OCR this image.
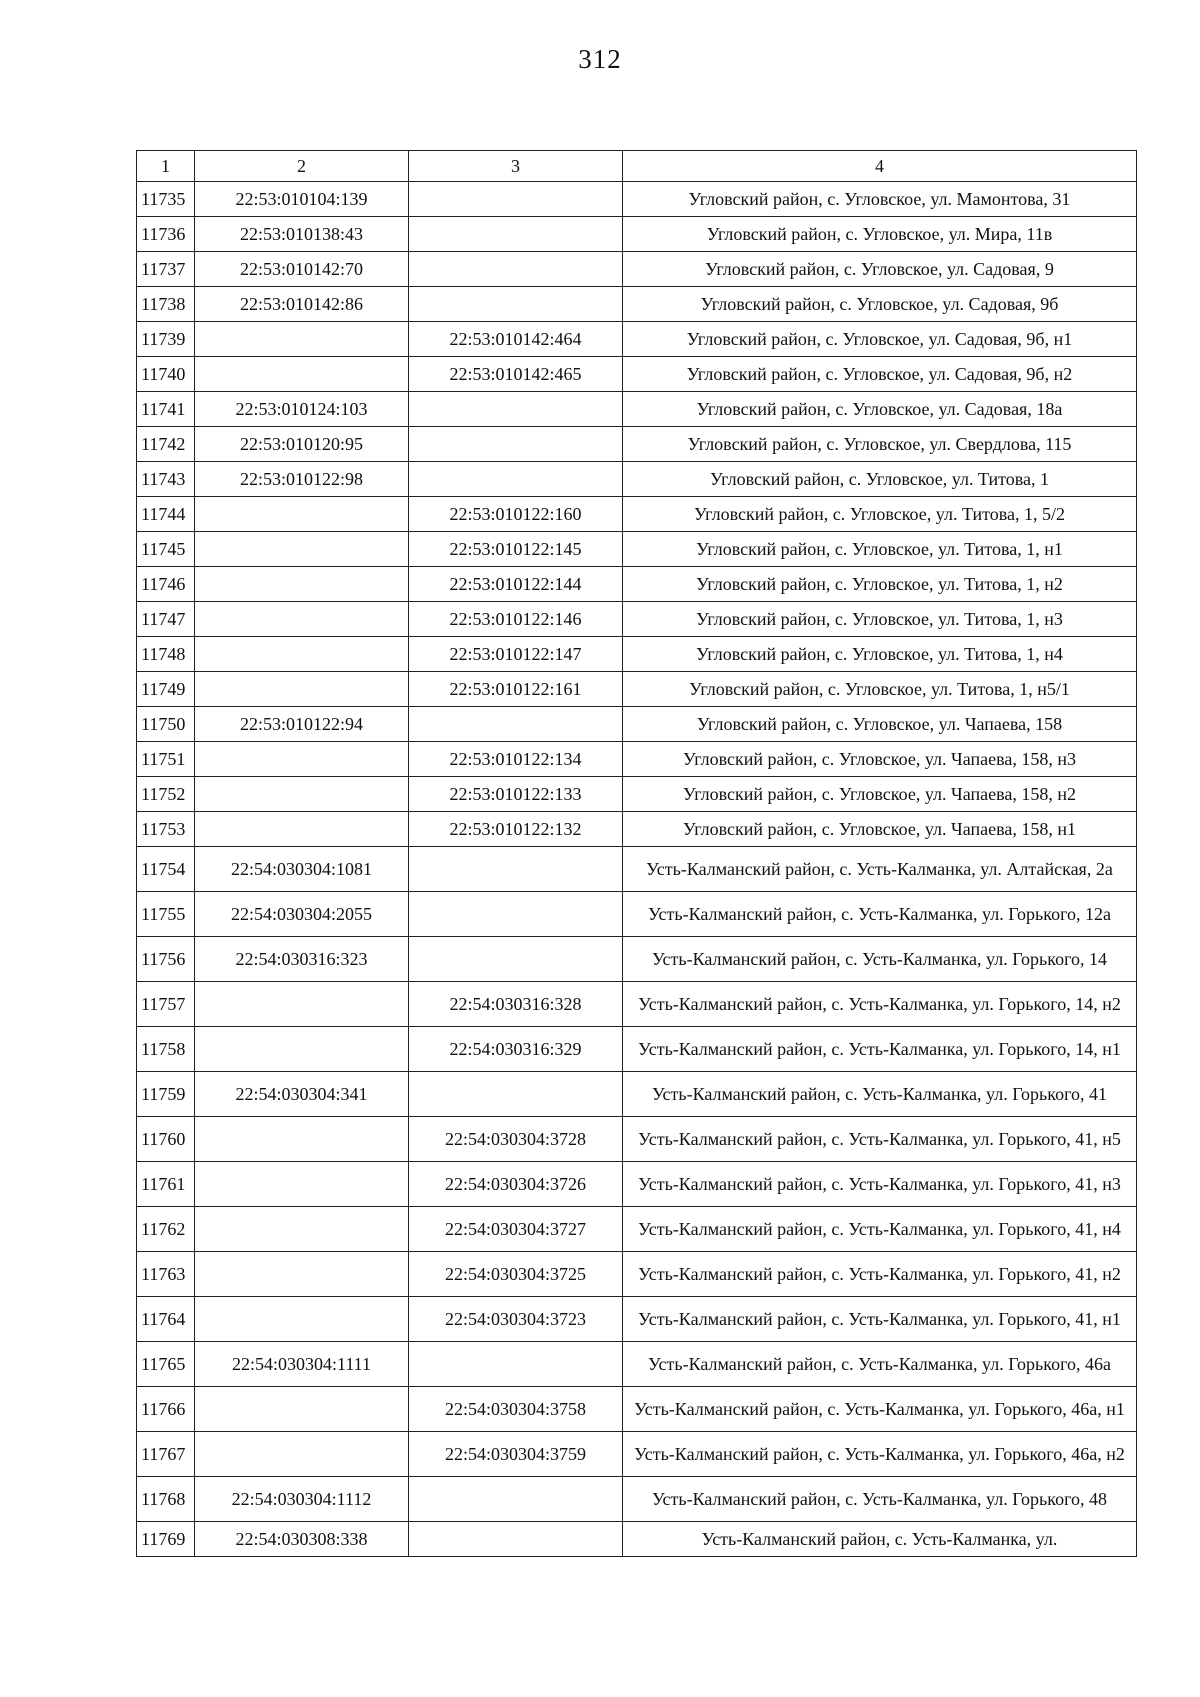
312
1	2	3	4
11735	22:53:010104:139		Угловский район, с. Угловское, ул. Мамонтова, 31
11736	22:53:010138:43		Угловский район, с. Угловское, ул. Мира, 11в
11737	22:53:010142:70		Угловский район, с. Угловское, ул. Садовая, 9
11738	22:53:010142:86		Угловский район, с. Угловское, ул. Садовая, 9б
11739		22:53:010142:464	Угловский район, с. Угловское, ул. Садовая, 9б, н1
11740		22:53:010142:465	Угловский район, с. Угловское, ул. Садовая, 9б, н2
11741	22:53:010124:103		Угловский район, с. Угловское, ул. Садовая, 18а
11742	22:53:010120:95		Угловский район, с. Угловское, ул. Свердлова, 115
11743	22:53:010122:98		Угловский район, с. Угловское, ул. Титова, 1
11744		22:53:010122:160	Угловский район, с. Угловское, ул. Титова, 1, 5/2
11745		22:53:010122:145	Угловский район, с. Угловское, ул. Титова, 1, н1
11746		22:53:010122:144	Угловский район, с. Угловское, ул. Титова, 1, н2
11747		22:53:010122:146	Угловский район, с. Угловское, ул. Титова, 1, н3
11748		22:53:010122:147	Угловский район, с. Угловское, ул. Титова, 1, н4
11749		22:53:010122:161	Угловский район, с. Угловское, ул. Титова, 1, н5/1
11750	22:53:010122:94		Угловский район, с. Угловское, ул. Чапаева, 158
11751		22:53:010122:134	Угловский район, с. Угловское, ул. Чапаева, 158, н3
11752		22:53:010122:133	Угловский район, с. Угловское, ул. Чапаева, 158, н2
11753		22:53:010122:132	Угловский район, с. Угловское, ул. Чапаева, 158, н1
11754	22:54:030304:1081		Усть-Калманский район, с. Усть-Калманка, ул. Алтайская, 2а
11755	22:54:030304:2055		Усть-Калманский район, с. Усть-Калманка, ул. Горького, 12а
11756	22:54:030316:323		Усть-Калманский район, с. Усть-Калманка, ул. Горького, 14
11757		22:54:030316:328	Усть-Калманский район, с. Усть-Калманка, ул. Горького, 14, н2
11758		22:54:030316:329	Усть-Калманский район, с. Усть-Калманка, ул. Горького, 14, н1
11759	22:54:030304:341		Усть-Калманский район, с. Усть-Калманка, ул. Горького, 41
11760		22:54:030304:3728	Усть-Калманский район, с. Усть-Калманка, ул. Горького, 41, н5
11761		22:54:030304:3726	Усть-Калманский район, с. Усть-Калманка, ул. Горького, 41, н3
11762		22:54:030304:3727	Усть-Калманский район, с. Усть-Калманка, ул. Горького, 41, н4
11763		22:54:030304:3725	Усть-Калманский район, с. Усть-Калманка, ул. Горького, 41, н2
11764		22:54:030304:3723	Усть-Калманский район, с. Усть-Калманка, ул. Горького, 41, н1
11765	22:54:030304:1111		Усть-Калманский район, с. Усть-Калманка, ул. Горького, 46а
11766		22:54:030304:3758	Усть-Калманский район, с. Усть-Калманка, ул. Горького, 46а, н1
11767		22:54:030304:3759	Усть-Калманский район, с. Усть-Калманка, ул. Горького, 46а, н2
11768	22:54:030304:1112		Усть-Калманский район, с. Усть-Калманка, ул. Горького, 48
11769	22:54:030308:338		Усть-Калманский район, с. Усть-Калманка, ул.
